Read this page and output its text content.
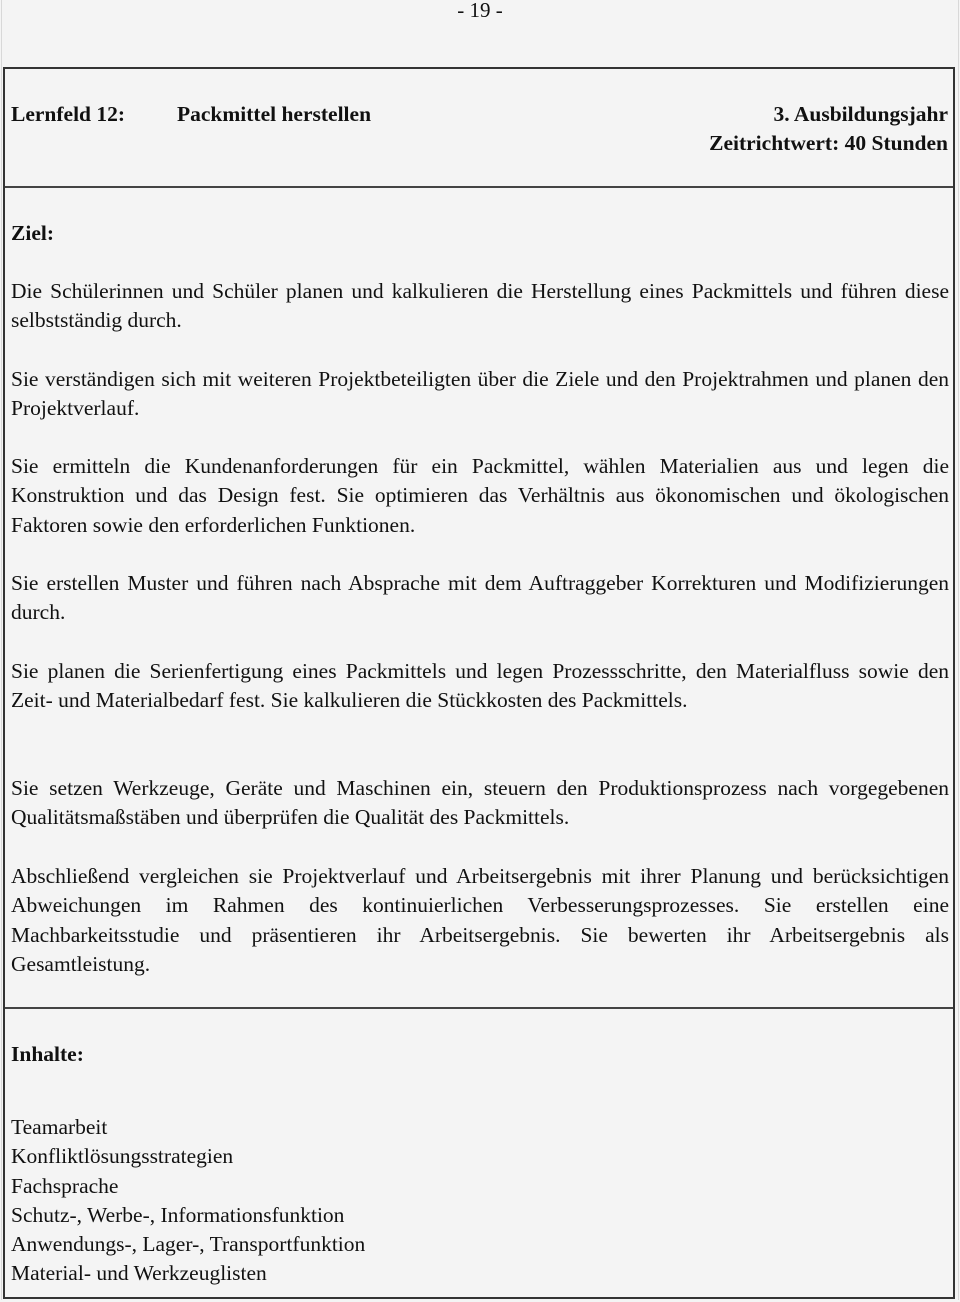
- 19 -
Lernfeld 12: Packmittel herstellen	3. Ausbildungsjahr
Zeitrichtwert: 40 Stunden
Ziel:
Die Schülerinnen und Schüler planen und kalkulieren die Herstellung eines Packmittels und führen diese selbstständig durch.
Sie verständigen sich mit weiteren Projektbeteiligten über die Ziele und den Projektrahmen und planen den Projektverlauf.
Sie ermitteln die Kundenanforderungen für ein Packmittel, wählen Materialien aus und legen die Konstruktion und das Design fest. Sie optimieren das Verhältnis aus ökonomischen und ökologischen Faktoren sowie den erforderlichen Funktionen.
Sie erstellen Muster und führen nach Absprache mit dem Auftraggeber Korrekturen und Modifizierungen durch.
Sie planen die Serienfertigung eines Packmittels und legen Prozessschritte, den Materialfluss sowie den Zeit- und Materialbedarf fest. Sie kalkulieren die Stückkosten des Packmittels.
Sie setzen Werkzeuge, Geräte und Maschinen ein, steuern den Produktionsprozess nach vorgegebenen Qualitätsmaßstäben und überprüfen die Qualität des Packmittels.
Abschließend vergleichen sie Projektverlauf und Arbeitsergebnis mit ihrer Planung und berücksichtigen Abweichungen im Rahmen des kontinuierlichen Verbesserungsprozesses. Sie erstellen eine Machbarkeitsstudie und präsentieren ihr Arbeitsergebnis. Sie bewerten ihr Arbeitsergebnis als Gesamtleistung.
Inhalte:
Teamarbeit
Konfliktlösungsstrategien
Fachsprache
Schutz-, Werbe-, Informationsfunktion
Anwendungs-, Lager-, Transportfunktion
Material- und Werkzeuglisten
